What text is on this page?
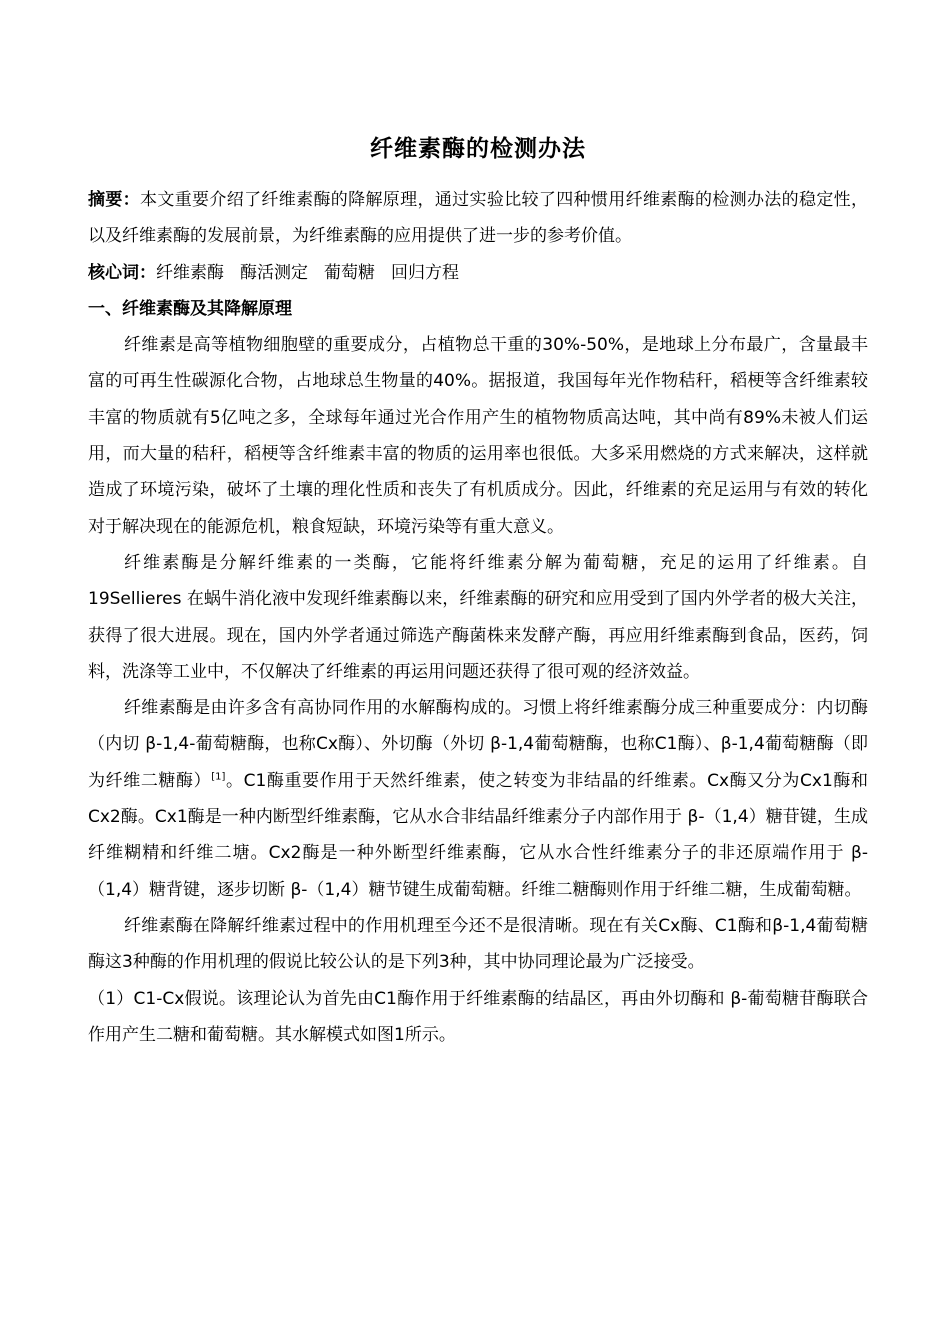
纤维素酶的检测办法

摘要：本文重要介绍了纤维素酶的降解原理，通过实验比较了四种惯用纤维素酶的检测办法的稳定性，以及纤维素酶的发展前景，为纤维素酶的应用提供了进一步的参考价值。

核心词：纤维素酶 酶活测定 葡萄糖 回归方程

一、纤维素酶及其降解原理

纤维素是高等植物细胞壁的重要成分，占植物总干重的30%-50%，是地球上分布最广，含量最丰富的可再生性碳源化合物，占地球总生物量的40%。据报道，我国每年光作物秸秆，稻梗等含纤维素较丰富的物质就有5亿吨之多，全球每年通过光合作用产生的植物物质高达吨，其中尚有89%未被人们运用，而大量的秸秆，稻梗等含纤维素丰富的物质的运用率也很低。大多采用燃烧的方式来解决，这样就造成了环境污染，破坏了土壤的理化性质和丧失了有机质成分。因此，纤维素的充足运用与有效的转化对于解决现在的能源危机，粮食短缺，环境污染等有重大意义。

纤维素酶是分解纤维素的一类酶，它能将纤维素分解为葡萄糖，充足的运用了纤维素。自19Sellieres 在蜗牛消化液中发现纤维素酶以来，纤维素酶的研究和应用受到了国内外学者的极大关注，获得了很大进展。现在，国内外学者通过筛选产酶菌株来发酵产酶，再应用纤维素酶到食品，医药，饲料，洗涤等工业中，不仅解决了纤维素的再运用问题还获得了很可观的经济效益。

纤维素酶是由许多含有高协同作用的水解酶构成的。习惯上将纤维素酶分成三种重要成分：内切酶（内切 β-1,4-葡萄糖酶，也称Cx酶）、外切酶（外切 β-1,4葡萄糖酶，也称C1酶）、β-1,4葡萄糖酶（即为纤维二糖酶）[1]。C1酶重要作用于天然纤维素，使之转变为非结晶的纤维素。Cx酶又分为Cx1酶和Cx2酶。Cx1酶是一种内断型纤维素酶，它从水合非结晶纤维素分子内部作用于 β-（1,4）糖苷键，生成纤维糊精和纤维二塘。Cx2酶是一种外断型纤维素酶，它从水合性纤维素分子的非还原端作用于 β-（1,4）糖背键，逐步切断 β-（1,4）糖节键生成葡萄糖。纤维二糖酶则作用于纤维二糖，生成葡萄糖。

纤维素酶在降解纤维素过程中的作用机理至今还不是很清晰。现在有关Cx酶、C1酶和β-1,4葡萄糖酶这3种酶的作用机理的假说比较公认的是下列3种，其中协同理论最为广泛接受。

（1）C1-Cx假说。该理论认为首先由C1酶作用于纤维素酶的结晶区，再由外切酶和 β-葡萄糖苷酶联合作用产生二糖和葡萄糖。其水解模式如图1所示。
